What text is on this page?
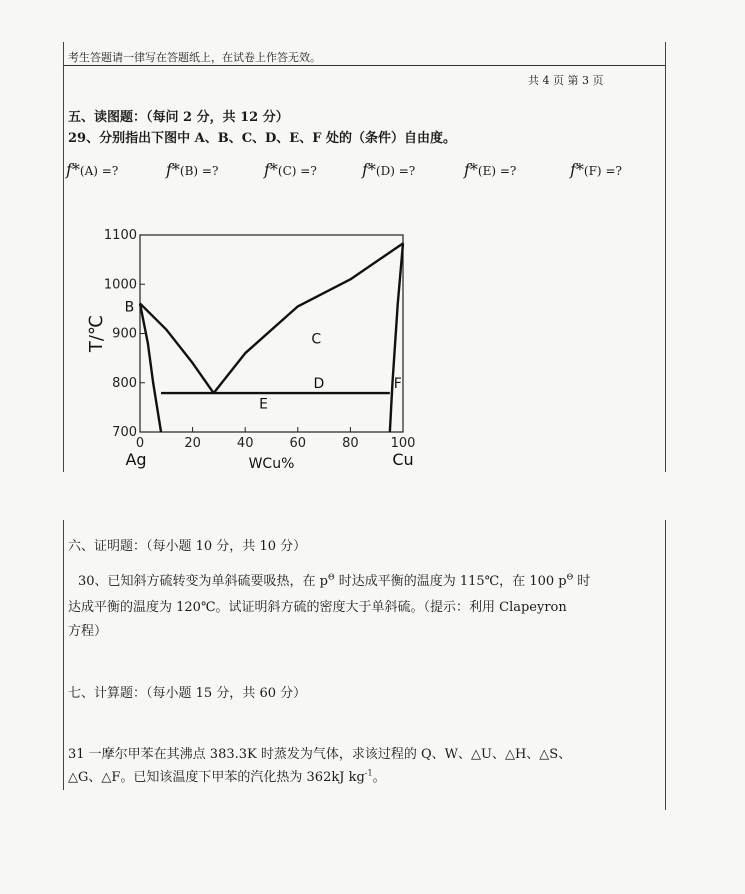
考生答题请一律写在答题纸上，在试卷上作答无效。
共 4 页 第 3 页
五、读图题：（每问 2 分，共 12 分）
29、分别指出下图中 A、B、C、D、E、F 处的（条件）自由度。
f*(A) =?	f*(B) =?	f*(C) =?	f*(D) =?	f*(E) =?	f*(F) =?
700
800
900
1000
1100
0	20	40	60	80 100
B
C
D
E
F
T/℃
Ag	Cu
WCu%
六、证明题：（每小题 10 分，共 10 分）
30、已知斜方硫转变为单斜硫要吸热，在 $p^\Theta$ 时达成平衡的温度为 115℃，在 100 $p^\Theta$ 时
达成平衡的温度为 120℃。试证明斜方硫的密度大于单斜硫。（提示：利用 Clapeyron
方程）
七、计算题：（每小题 15 分，共 60 分）
31 一摩尔甲苯在其沸点 383.3K 时蒸发为气体，求该过程的 Q、W、△U、△H、△S、
△G、△F。已知该温度下甲苯的汽化热为 362kJ $kg^{-1}$。
